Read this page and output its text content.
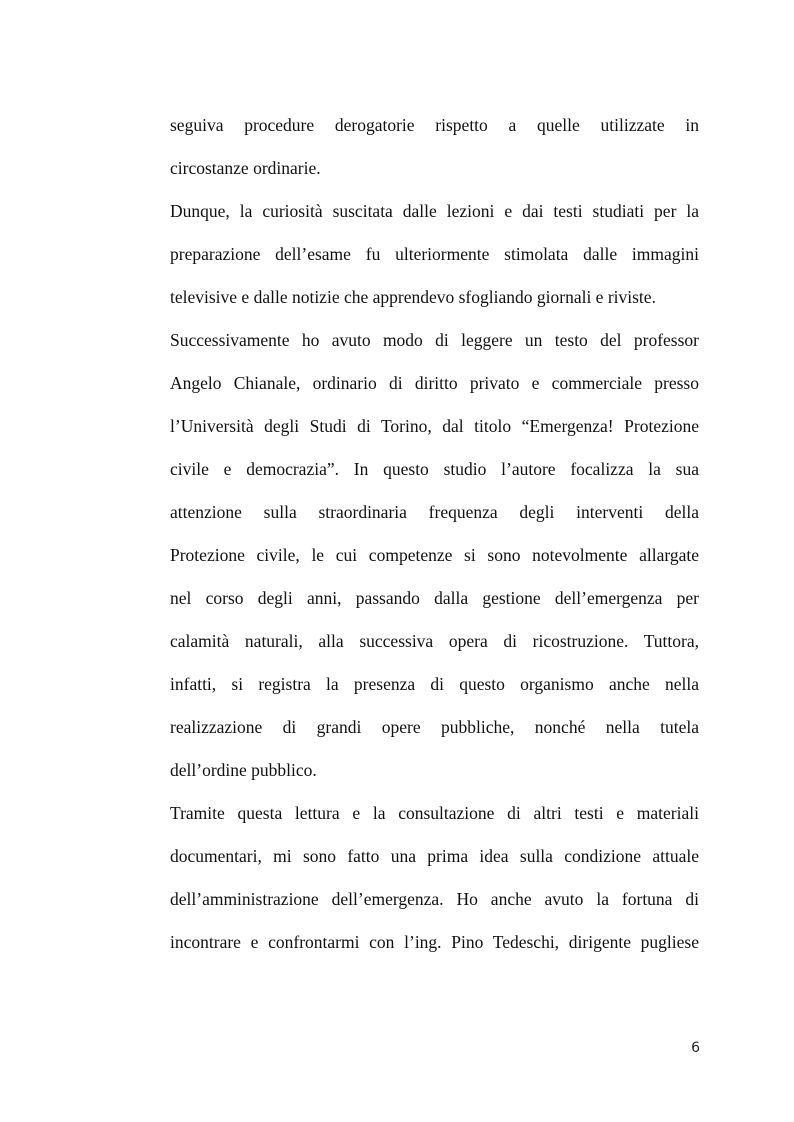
seguiva procedure derogatorie rispetto a quelle utilizzate in
circostanze ordinarie.
Dunque, la curiosità suscitata dalle lezioni e dai testi studiati per la
preparazione dell’esame fu ulteriormente stimolata dalle immagini
televisive e dalle notizie che apprendevo sfogliando giornali e riviste.
Successivamente ho avuto modo di leggere un testo del professor
Angelo Chianale, ordinario di diritto privato e commerciale presso
l’Università degli Studi di Torino, dal titolo “Emergenza! Protezione
civile e democrazia”. In questo studio l’autore focalizza la sua
attenzione sulla straordinaria frequenza degli interventi della
Protezione civile, le cui competenze si sono notevolmente allargate
nel corso degli anni, passando dalla gestione dell’emergenza per
calamità naturali, alla successiva opera di ricostruzione. Tuttora,
infatti, si registra la presenza di questo organismo anche nella
realizzazione di grandi opere pubbliche, nonché nella tutela
dell’ordine pubblico.
Tramite questa lettura e la consultazione di altri testi e materiali
documentari, mi sono fatto una prima idea sulla condizione attuale
dell’amministrazione dell’emergenza. Ho anche avuto la fortuna di
incontrare e confrontarmi con l’ing. Pino Tedeschi, dirigente pugliese
6
